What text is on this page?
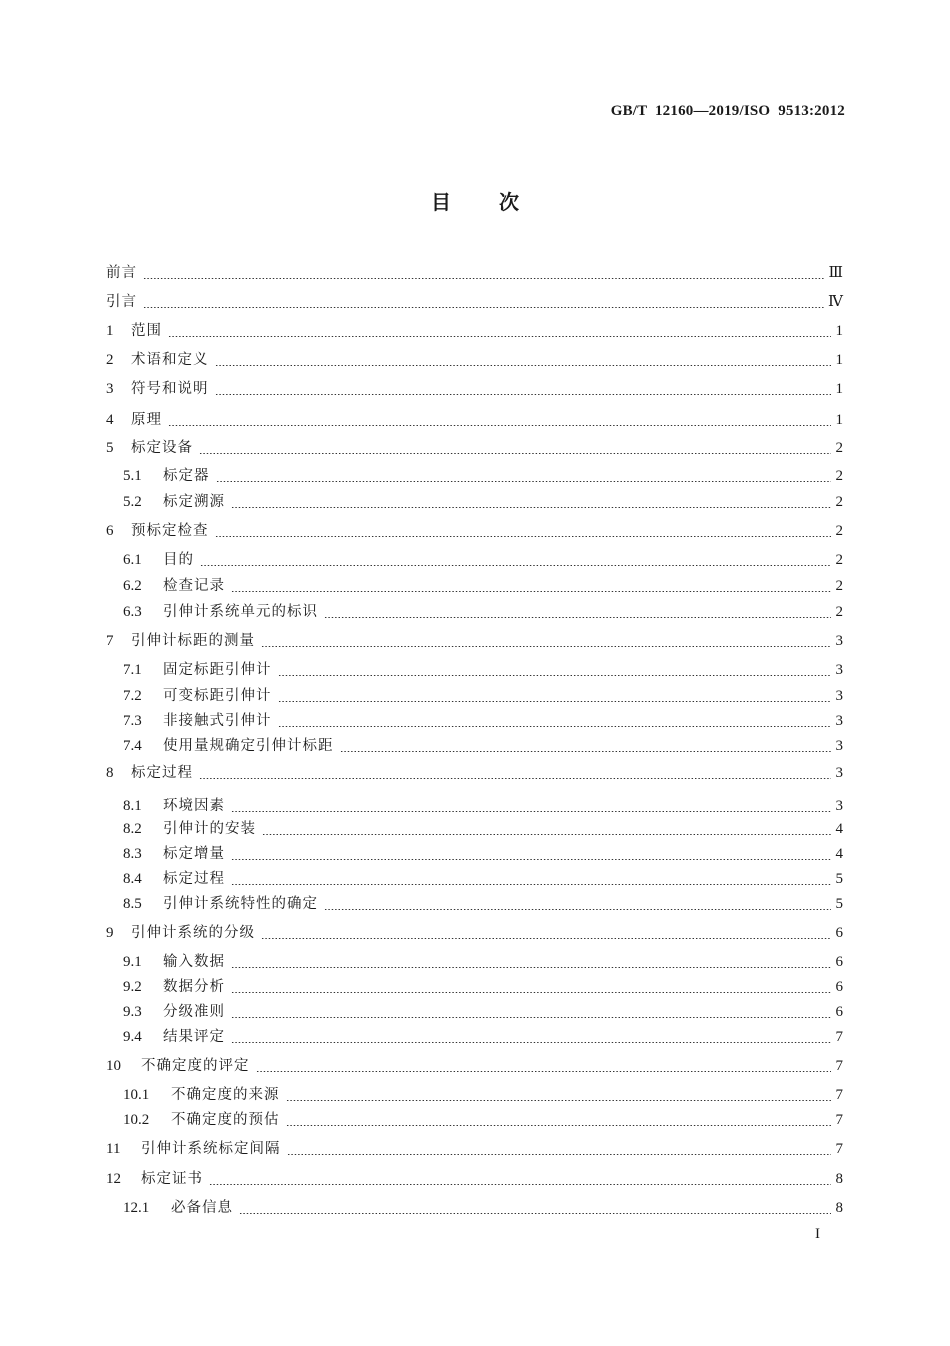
GB/T  12160—2019/ISO  9513:2012
目次
前言	Ⅲ
引言	Ⅳ
1	范围	1
2	术语和定义	1
3	符号和说明	1
4	原理	1
5	标定设备	2
5.1	标定器	2
5.2	标定溯源	2
6	预标定检查	2
6.1	目的	2
6.2	检查记录	2
6.3	引伸计系统单元的标识	2
7	引伸计标距的测量	3
7.1	固定标距引伸计	3
7.2	可变标距引伸计	3
7.3	非接触式引伸计	3
7.4	使用量规确定引伸计标距	3
8	标定过程	3
8.1	环境因素	3
8.2	引伸计的安装	4
8.3	标定增量	4
8.4	标定过程	5
8.5	引伸计系统特性的确定	5
9	引伸计系统的分级	6
9.1	输入数据	6
9.2	数据分析	6
9.3	分级准则	6
9.4	结果评定	7
10	不确定度的评定	7
10.1	不确定度的来源	7
10.2	不确定度的预估	7
11	引伸计系统标定间隔	7
12	标定证书	8
12.1	必备信息	8
I
